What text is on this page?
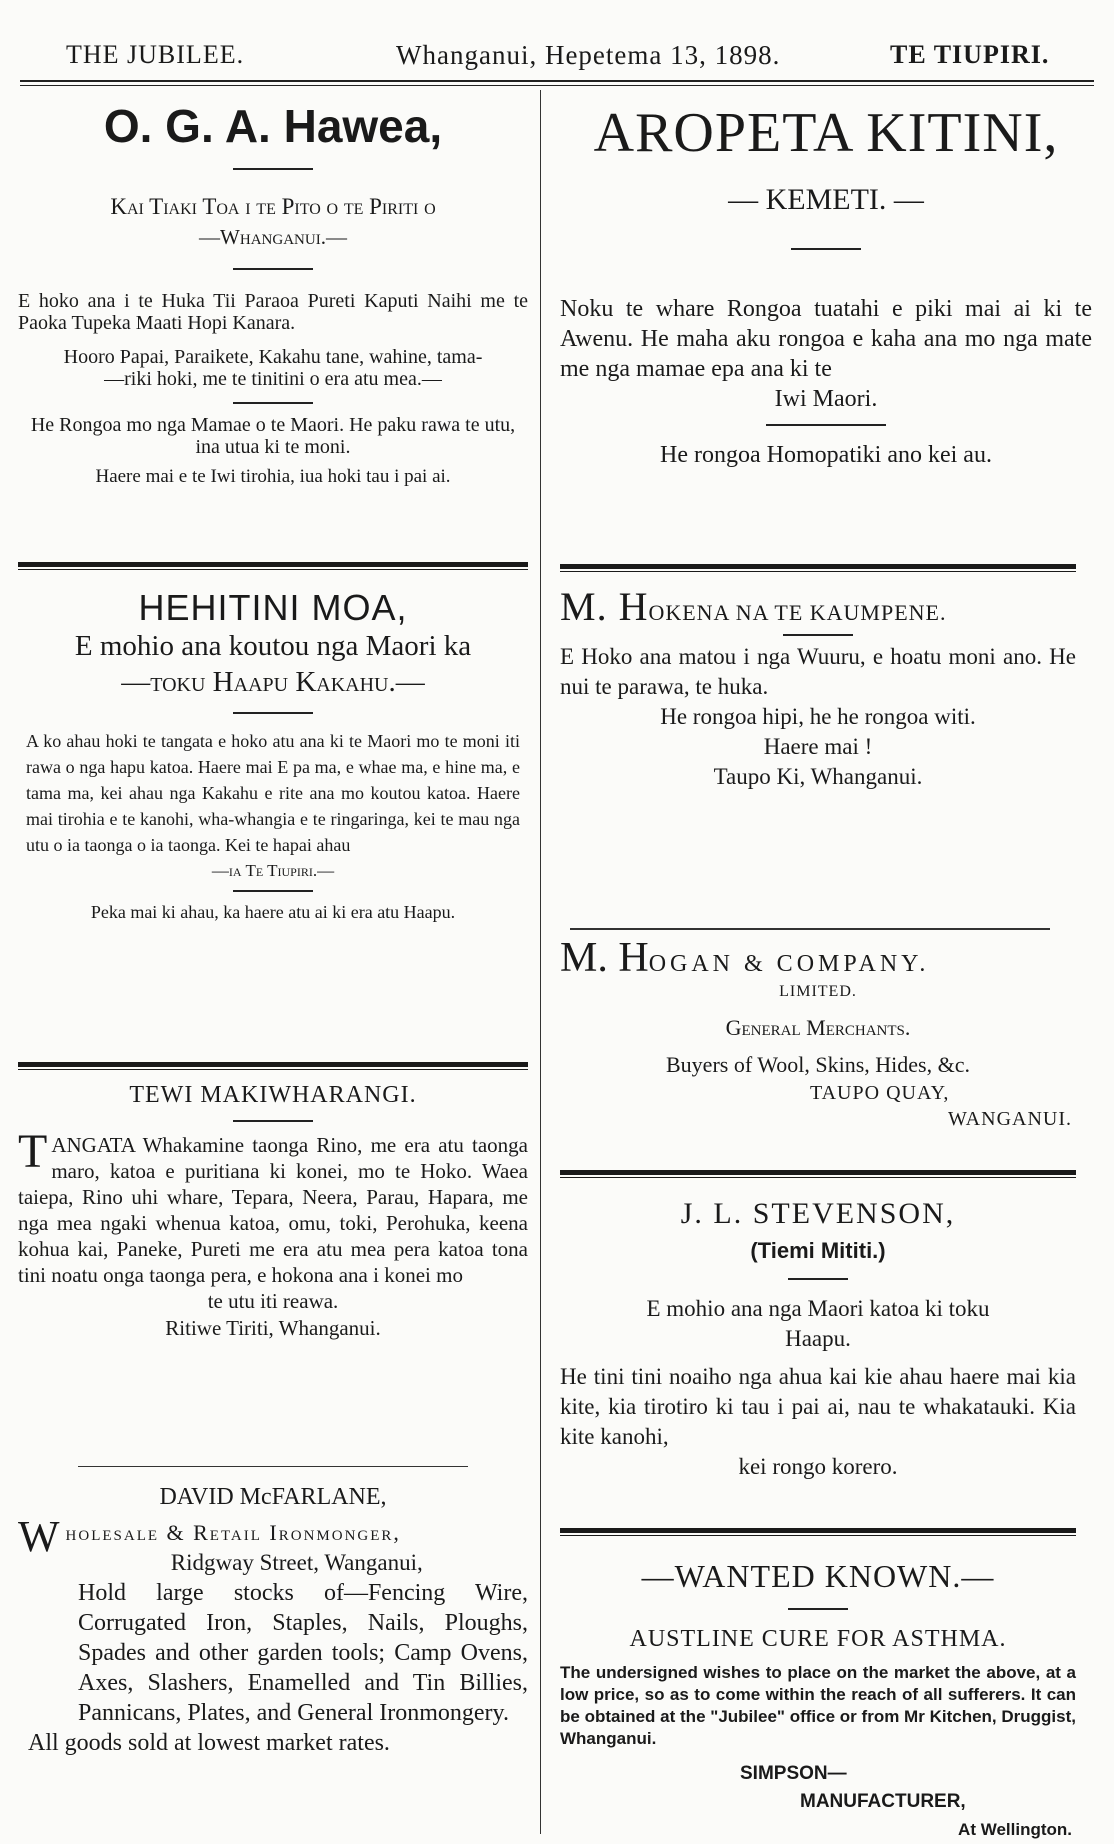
THE JUBILEE.	Whanganui, Hepetema 13, 1898.	TE TIUPIRI.
O. G. A. Hawea,
Kai Tiaki Toa i te Pito o te Piriti o
—Whanganui.—

E hoko ana i te Huka Tii Paraoa Pureti Kaputi Naihi me te Paoka Tupeka Maati Hopi Kanara.

Hooro Papai, Paraikete, Kakahu tane, wahine, tama-

—riki hoki, me te tinitini o era atu mea.—

He Rongoa mo nga Mamae o te Maori. He paku rawa te utu, ina utua ki te moni.

Haere mai e te Iwi tirohia, iua hoki tau i pai ai.

HEHITINI MOA,
E mohio ana koutou nga Maori ka
—toku Haapu Kakahu.—

A ko ahau hoki te tangata e hoko atu ana ki te Maori mo te moni iti rawa o nga hapu katoa. Haere mai E pa ma, e whae ma, e hine ma, e tama ma, kei ahau nga Kakahu e rite ana mo koutou katoa. Haere mai tirohia e te kanohi, wha-whangia e te ringaringa, kei te mau nga utu o ia taonga o ia taonga. Kei te hapai ahau

—ia Te Tiupiri.—

Peka mai ki ahau, ka haere atu ai ki era atu Haapu.

TEWI MAKIWHARANGI.

TANGATA Whakamine taonga Rino, me era atu taonga maro, katoa e puritiana ki konei, mo te Hoko. Waea taiepa, Rino uhi whare, Tepara, Neera, Parau, Hapara, me nga mea ngaki whenua katoa, omu, toki, Perohuka, keena kohua kai, Paneke, Pureti me era atu mea pera katoa tona tini noatu onga taonga pera, e hokona ana i konei mo

te utu iti reawa.

Ritiwe Tiriti, Whanganui.

DAVID McFARLANE,
Wholesale & Retail Ironmonger,
Ridgway Street, Wanganui,

Hold large stocks of—Fencing Wire, Corrugated Iron, Staples, Nails, Ploughs, Spades and other garden tools; Camp Ovens, Axes, Slashers, Enamelled and Tin Billies, Pannicans, Plates, and General Ironmongery.

All goods sold at lowest market rates.

AROPETA KITINI,
— KEMETI. —

Noku te whare Rongoa tuatahi e piki mai ai ki te Awenu. He maha aku rongoa e kaha ana mo nga mate me nga mamae epa ana ki te

Iwi Maori.

He rongoa Homopatiki ano kei au.

M. HOKENA NA TE KAUMPENE.

E Hoko ana matou i nga Wuuru, e hoatu moni ano. He nui te parawa, te huka.

He rongoa hipi, he he rongoa witi.

Haere mai !

Taupo Ki, Whanganui.

M. HOGAN & COMPANY.
LIMITED.
General Merchants.
Buyers of Wool, Skins, Hides, &c.
TAUPO QUAY,
WANGANUI.
J. L. STEVENSON,
(Tiemi Mititi.)

E mohio ana nga Maori katoa ki toku

Haapu.

He tini tini noaiho nga ahua kai kie ahau haere mai kia kite, kia tirotiro ki tau i pai ai, nau te whakatauki. Kia kite kanohi,

kei rongo korero.

—WANTED KNOWN.—
AUSTLINE CURE FOR ASTHMA.

The undersigned wishes to place on the market the above, at a low price, so as to come within the reach of all sufferers. It can be obtained at the "Jubilee" office or from Mr Kitchen, Druggist, Whanganui.

SIMPSON—
MANUFACTURER,
At Wellington.
